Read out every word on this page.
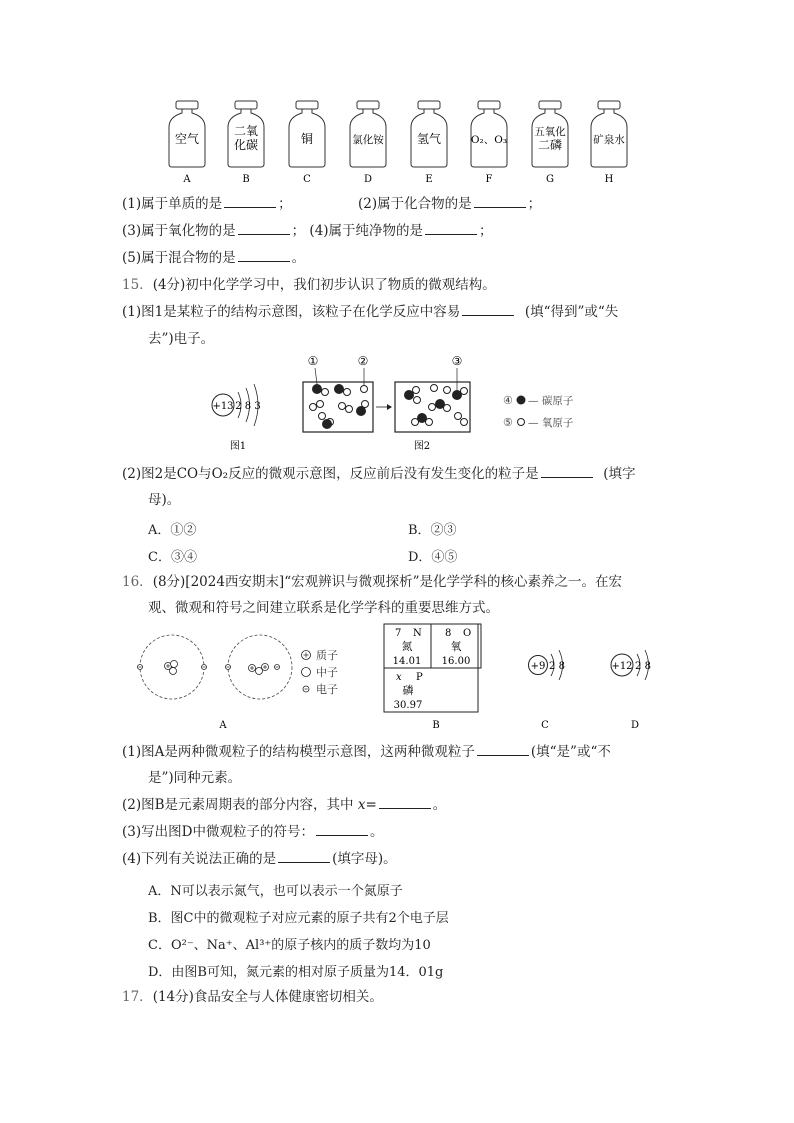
空气
A
二氧
化碳
B
铜
C
氯化铵
D
氢气
E
O₂、O₃
F
五氧化
二磷
G
矿泉水
H
(1)属于单质的是	；	(2)属于化合物的是	；
(3)属于氧化物的是	； (4)属于纯净物的是	；
(5)属于混合物的是	。
15．(4分)初中化学学习中，我们初步认识了物质的微观结构。
(1)图1是某粒子的结构示意图，该粒子在化学反应中容易	(填“得到”或“失
去”)电子。
+13 2 8 3
图1
①	②	③
图2
④ — 碳原子
⑤ — 氧原子
(2)图2是CO与O₂反应的微观示意图，反应前后没有发生变化的粒子是	(填字
母)。
A．①②	B．②③
C．③④	D．④⑤
16．(8分)[2024西安期末]“宏观辨识与微观探析”是化学学科的核心素养之一。在宏
观、微观和符号之间建立联系是化学学科的重要思维方式。
质子
中子
电子
A
7 N
氮
14.01
8 O
氧
16.00
x P
磷
30.97
B
+9 2 8
C
+12 2 8
D
(1)图A是两种微观粒子的结构模型示意图，这两种微观粒子	(填“是”或“不
是”)同种元素。
(2)图B是元素周期表的部分内容，其中 x=	。
(3)写出图D中微观粒子的符号：	。
(4)下列有关说法正确的是	(填字母)。
A．N可以表示氮气，也可以表示一个氮原子
B．图C中的微观粒子对应元素的原子共有2个电子层
C．O²⁻、Na⁺、Al³⁺的原子核内的质子数均为10
D．由图B可知，氮元素的相对原子质量为14．01g
17．(14分)食品安全与人体健康密切相关。
